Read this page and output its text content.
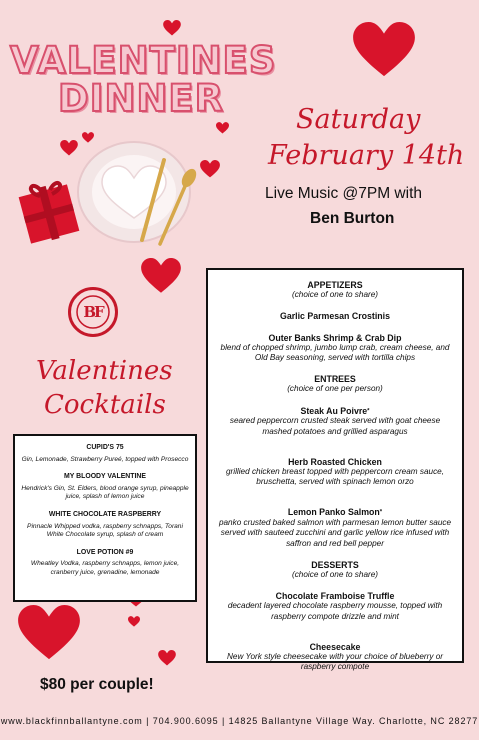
VALENTINES
DINNER	Saturday
February 14th
Live Music @7PM with
Ben Burton
BF
Valentines
Cocktails
CUPID'S 75
Gin, Lemonade, Strawberry Pureé, topped with Prosecco
MY BLOODY VALENTINE
Hendrick's Gin, St. Elders, blood orange syrup, pineapple juice, splash of lemon juice
WHITE CHOCOLATE RASPBERRY
Pinnacle Whipped vodka, raspberry schnapps, Torani White Chocolate syrup, splash of cream
LOVE POTION #9
Wheatley Vodka, raspberry schnapps, lemon juice, cranberry juice, grenadine, lemonade
$80 per couple!
APPETIZERS
(choice of one to share)
Garlic Parmesan Crostinis
Outer Banks Shrimp & Crab Dip
blend of chopped shrimp, jumbo lump crab, cream cheese, and Old Bay seasoning, served with tortilla chips
ENTREES
(choice of one per person)
Steak Au Poivre*
seared peppercorn crusted steak served with goat cheese mashed potatoes and grillied asparagus
Herb Roasted Chicken
grillied chicken breast topped with peppercorn cream sauce, bruschetta, served with spinach lemon orzo
Lemon Panko Salmon*
panko crusted baked salmon with parmesan lemon butter sauce served with sauteed zucchini and garlic yellow rice infused with saffron and red bell pepper
DESSERTS
(choice of one to share)
Chocolate Framboise Truffle
decadent layered chocolate raspberry mousse, topped with raspberry compote drizzle and mint
Cheesecake
New York style cheesecake with your choice of blueberry or raspberry compote
www.blackfinnballantyne.com | 704.900.6095 | 14825 Ballantyne Village Way. Charlotte, NC 28277
